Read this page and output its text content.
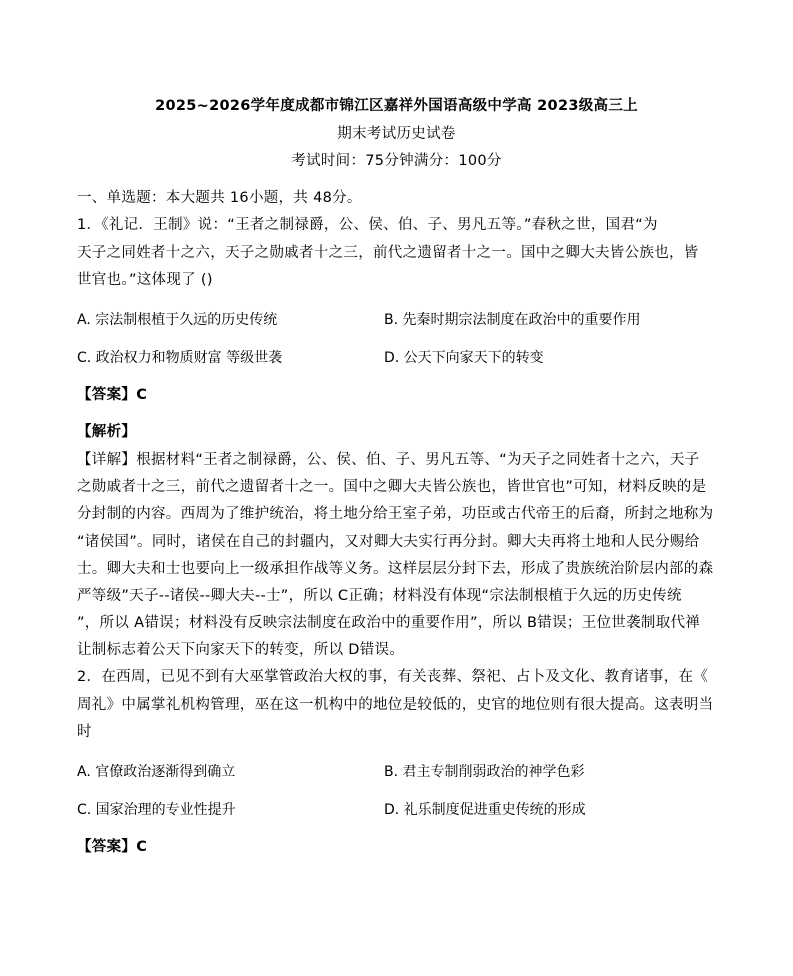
2025~2026学年度成都市锦江区嘉祥外国语高级中学高 2023级高三上
期末考试历史试卷
考试时间：75分钟满分：100分
一、单选题：本大题共 16小题，共 48分。
1．《礼记．王制》说：“王者之制禄爵，公、侯、伯、子、男凡五等。”春秋之世，国君“为
天子之同姓者十之六，天子之勋戚者十之三，前代之遗留者十之一。国中之卿大夫皆公族也，皆
世官也。”这体现了 ()
A. 宗法制根植于久远的历史传统	B. 先秦时期宗法制度在政治中的重要作用
C. 政治权力和物质财富 等级世袭	D. 公天下向家天下的转变
【答案】C
【解析】
【详解】根据材料“王者之制禄爵，公、侯、伯、子、男凡五等、“为天子之同姓者十之六，天子
之勋戚者十之三，前代之遗留者十之一。国中之卿大夫皆公族也，皆世官也”可知，材料反映的是
分封制的内容。西周为了维护统治，将土地分给王室子弟，功臣或古代帝王的后裔，所封之地称为
“诸侯国”。同时，诸侯在自己的封疆内，又对卿大夫实行再分封。卿大夫再将土地和人民分赐给
士。卿大夫和士也要向上一级承担作战等义务。这样层层分封下去，形成了贵族统治阶层内部的森
严等级”天子--诸侯--卿大夫--士”，所以 C正确；材料没有体现“宗法制根植于久远的历史传统
”，所以 A错误；材料没有反映宗法制度在政治中的重要作用”，所以 B错误；王位世袭制取代禅
让制标志着公天下向家天下的转变，所以 D错误。
2．在西周，已见不到有大巫掌管政治大权的事，有关丧葬、祭祀、占卜及文化、教育诸事，在《
周礼》中属掌礼机构管理，巫在这一机构中的地位是较低的，史官的地位则有很大提高。这表明当
时
A. 官僚政治逐渐得到确立	B. 君主专制削弱政治的神学色彩
C. 国家治理的专业性提升	D. 礼乐制度促进重史传统的形成
【答案】C
